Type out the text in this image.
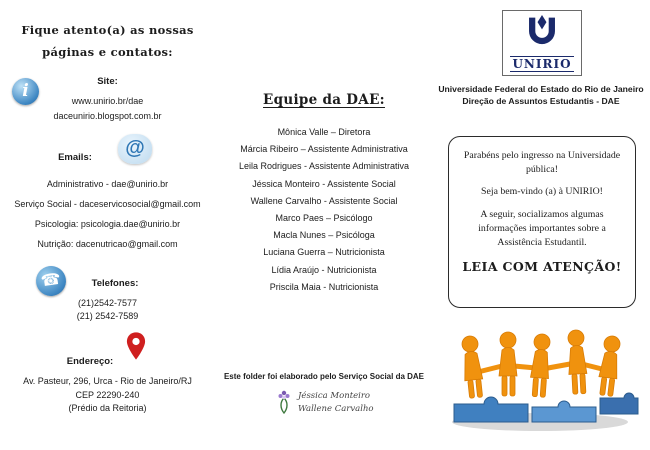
Fique atento(a) as nossas páginas e contatos:
i	Site:
www.unirio.br/dae
daceunirio.blogspot.com.br
Emails:	@
Administrativo - dae@unirio.br
Serviço Social - daceservicosocial@gmail.com
Psicologia: psicologia.dae@unirio.br
Nutrição: dacenutricao@gmail.com
☎	Telefones:
(21)2542-7577
(21) 2542-7589
Endereço:
Av. Pasteur, 296, Urca - Rio de Janeiro/RJ
CEP 22290-240
(Prédio da Reitoria)
Equipe da DAE:
Mônica Valle – Diretora
Márcia Ribeiro – Assistente Administrativa
Leila Rodrigues - Assistente Administrativa
Jéssica Monteiro - Assistente Social
Wallene Carvalho - Assistente Social
Marco Paes – Psicólogo
Macla Nunes – Psicóloga
Luciana Guerra – Nutricionista
Lídia Araújo - Nutricionista
Priscila Maia - Nutricionista
Este folder foi elaborado pelo Serviço Social da DAE
Jéssica Monteiro
Wallene Carvalho
UNIRIO
Universidade Federal do Estado do Rio de Janeiro
Direção de Assuntos Estudantis - DAE

Parabéns pelo ingresso na Universidade pública!

Seja bem-vindo (a) à UNIRIO!

A seguir, socializamos algumas informações importantes sobre a Assistência Estudantil.

LEIA COM ATENÇÃO!
